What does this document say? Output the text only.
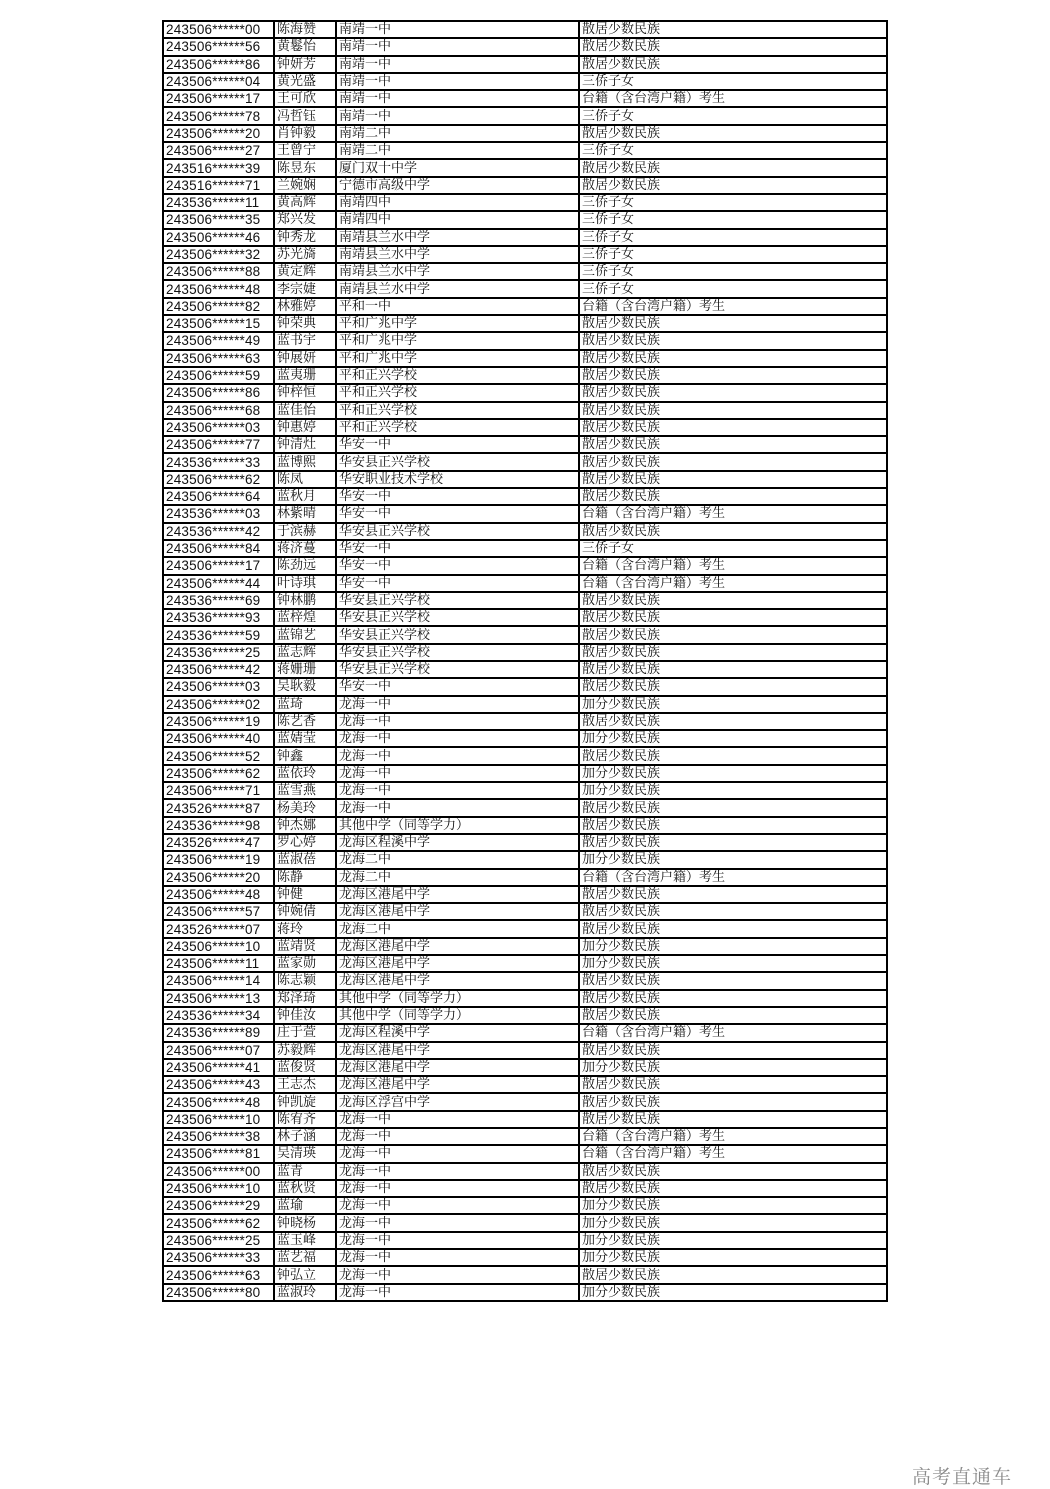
243506******00	陈海赞	南靖一中	散居少数民族
243506******56	黄鬈怡	南靖一中	散居少数民族
243506******86	钟妍芳	南靖一中	散居少数民族
243506******04	黄光盛	南靖一中	三侨子女
243506******17	王可欣	南靖一中	台籍（含台湾户籍）考生
243506******78	冯哲钰	南靖一中	三侨子女
243506******20	肖钟毅	南靖二中	散居少数民族
243506******27	王曾宁	南靖二中	三侨子女
243516******39	陈昱东	厦门双十中学	散居少数民族
243516******71	兰婉娴	宁德市高级中学	散居少数民族
243536******11	黄高辉	南靖四中	三侨子女
243506******35	郑兴发	南靖四中	三侨子女
243506******46	钟秀龙	南靖县兰水中学	三侨子女
243506******32	苏光旖	南靖县兰水中学	三侨子女
243506******88	黄定辉	南靖县兰水中学	三侨子女
243506******48	李宗婕	南靖县兰水中学	三侨子女
243506******82	林雅婷	平和一中	台籍（含台湾户籍）考生
243506******15	钟荣典	平和广兆中学	散居少数民族
243506******49	蓝书宇	平和广兆中学	散居少数民族
243506******63	钟展妍	平和广兆中学	散居少数民族
243506******59	蓝夷珊	平和正兴学校	散居少数民族
243506******86	钟梓恒	平和正兴学校	散居少数民族
243506******68	蓝佳怡	平和正兴学校	散居少数民族
243506******03	钟惠婷	平和正兴学校	散居少数民族
243506******77	钟清灶	华安一中	散居少数民族
243536******33	蓝博熙	华安县正兴学校	散居少数民族
243506******62	陈凤	华安职业技术学校	散居少数民族
243506******64	蓝秋月	华安一中	散居少数民族
243536******03	林紫晴	华安一中	台籍（含台湾户籍）考生
243536******42	于滨赫	华安县正兴学校	散居少数民族
243506******84	蒋济蔓	华安一中	三侨子女
243506******17	陈劲远	华安一中	台籍（含台湾户籍）考生
243506******44	叶诗琪	华安一中	台籍（含台湾户籍）考生
243536******69	钟林鹏	华安县正兴学校	散居少数民族
243536******93	蓝梓煌	华安县正兴学校	散居少数民族
243536******59	蓝锦艺	华安县正兴学校	散居少数民族
243536******25	蓝志辉	华安县正兴学校	散居少数民族
243506******42	蒋姗珊	华安县正兴学校	散居少数民族
243506******03	吴耿毅	华安一中	散居少数民族
243506******02	蓝琦	龙海一中	加分少数民族
243506******19	陈艺香	龙海一中	散居少数民族
243506******40	蓝婧莹	龙海一中	加分少数民族
243506******52	钟鑫	龙海一中	散居少数民族
243506******62	蓝依玲	龙海一中	加分少数民族
243506******71	蓝雪燕	龙海一中	加分少数民族
243526******87	杨美玲	龙海一中	散居少数民族
243536******98	钟杰娜	其他中学（同等学力）	散居少数民族
243526******47	罗心婷	龙海区程溪中学	散居少数民族
243506******19	蓝淑蓓	龙海二中	加分少数民族
243506******20	陈静	龙海二中	台籍（含台湾户籍）考生
243506******48	钟健	龙海区港尾中学	散居少数民族
243506******57	钟婉倩	龙海区港尾中学	散居少数民族
243526******07	蒋玲	龙海二中	散居少数民族
243506******10	蓝靖贤	龙海区港尾中学	加分少数民族
243506******11	蓝家勋	龙海区港尾中学	加分少数民族
243506******14	陈志颖	龙海区港尾中学	散居少数民族
243506******13	郑泽琦	其他中学（同等学力）	散居少数民族
243536******34	钟佳汝	其他中学（同等学力）	散居少数民族
243536******89	庄于萱	龙海区程溪中学	台籍（含台湾户籍）考生
243506******07	苏毅辉	龙海区港尾中学	散居少数民族
243506******41	蓝俊贤	龙海区港尾中学	加分少数民族
243506******43	王志杰	龙海区港尾中学	散居少数民族
243506******48	钟凯旋	龙海区浮宫中学	散居少数民族
243506******10	陈宥齐	龙海一中	散居少数民族
243506******38	林子涵	龙海一中	台籍（含台湾户籍）考生
243506******81	吴清瑛	龙海一中	台籍（含台湾户籍）考生
243506******00	蓝青	龙海一中	散居少数民族
243506******10	蓝秋贤	龙海一中	散居少数民族
243506******29	蓝瑜	龙海一中	加分少数民族
243506******62	钟晓杨	龙海一中	加分少数民族
243506******25	蓝玉峰	龙海一中	加分少数民族
243506******33	蓝艺福	龙海一中	加分少数民族
243506******63	钟弘立	龙海一中	散居少数民族
243506******80	蓝淑玲	龙海一中	加分少数民族
高考直通车
